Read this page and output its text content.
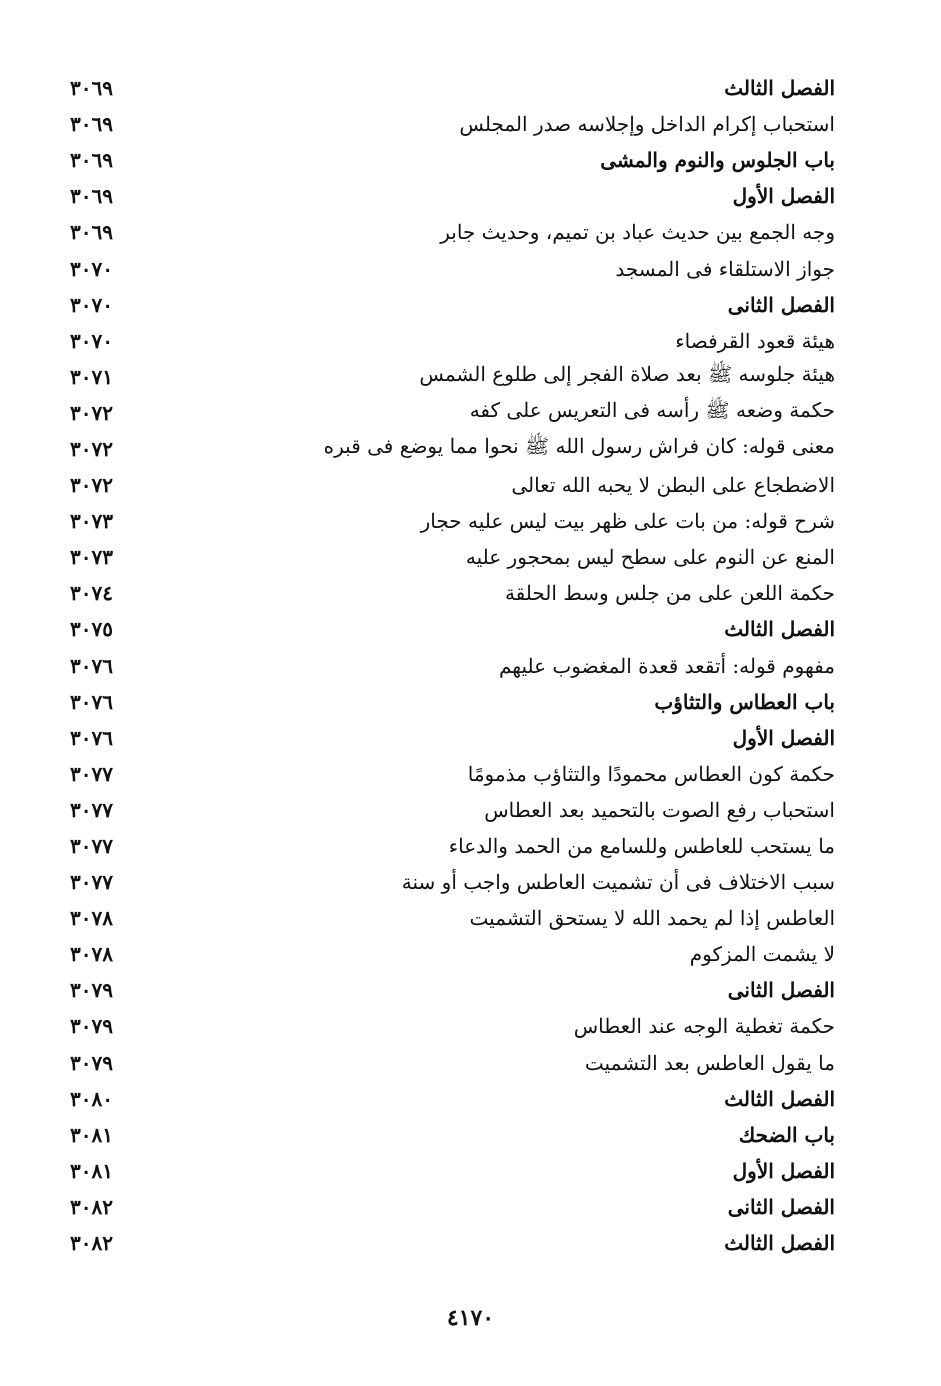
الفصل الثالث
٣٠٦٩
استحباب إكرام الداخل وإجلاسه صدر المجلس
٣٠٦٩
باب الجلوس والنوم والمشى
٣٠٦٩
الفصل الأول
٣٠٦٩
وجه الجمع بين حديث عباد بن تميم، وحديث جابر
٣٠٦٩
جواز الاستلقاء فى المسجد
٣٠٧٠
الفصل الثانى
٣٠٧٠
هيئة قعود القرفصاء
٣٠٧٠
هيئة جلوسه ﷺ بعد صلاة الفجر إلى طلوع الشمس
٣٠٧١
حكمة وضعه ﷺ رأسه فى التعريس على كفه
٣٠٧٢
معنى قوله: كان فراش رسول الله ﷺ نحوا مما يوضع فى قبره
٣٠٧٢
الاضطجاع على البطن لا يحبه الله تعالى
٣٠٧٢
شرح قوله: من بات على ظهر بيت ليس عليه حجار
٣٠٧٣
المنع عن النوم على سطح ليس بمحجور عليه
٣٠٧٣
حكمة اللعن على من جلس وسط الحلقة
٣٠٧٤
الفصل الثالث
٣٠٧٥
مفهوم قوله: أتقعد قعدة المغضوب عليهم
٣٠٧٦
باب العطاس والتثاؤب
٣٠٧٦
الفصل الأول
٣٠٧٦
حكمة كون العطاس محمودًا والتثاؤب مذمومًا
٣٠٧٧
استحباب رفع الصوت بالتحميد بعد العطاس
٣٠٧٧
ما يستحب للعاطس وللسامع من الحمد والدعاء
٣٠٧٧
سبب الاختلاف فى أن تشميت العاطس واجب أو سنة
٣٠٧٧
العاطس إذا لم يحمد الله لا يستحق التشميت
٣٠٧٨
لا يشمت المزكوم
٣٠٧٨
الفصل الثانى
٣٠٧٩
حكمة تغطية الوجه عند العطاس
٣٠٧٩
ما يقول العاطس بعد التشميت
٣٠٧٩
الفصل الثالث
٣٠٨٠
باب الضحك
٣٠٨١
الفصل الأول
٣٠٨١
الفصل الثانى
٣٠٨٢
الفصل الثالث
٣٠٨٢
٤١٧٠
